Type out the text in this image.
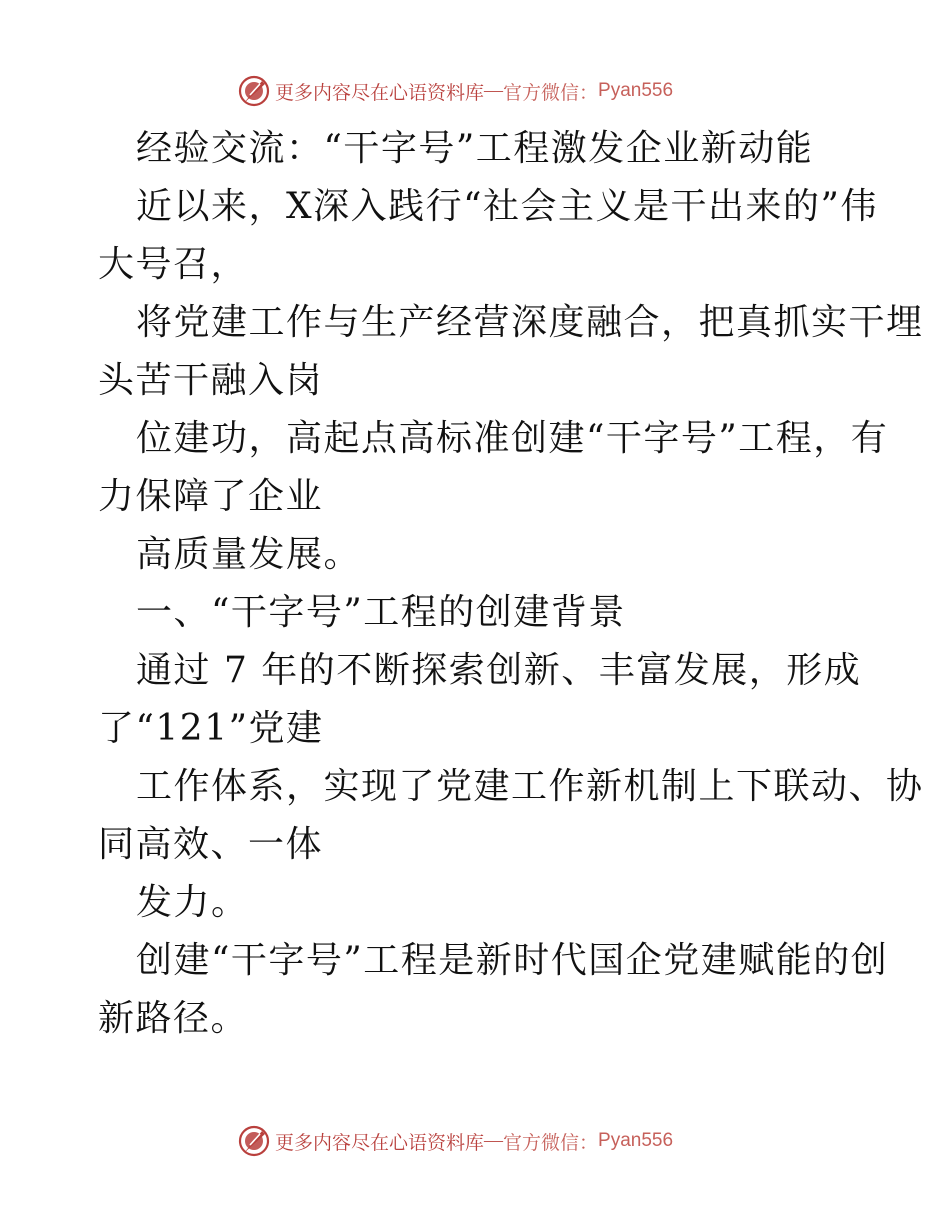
更多内容尽在心语资料库 — 官方微信： Pyan556
经验交流：“干字号”工程激发企业新动能
近以来，X深入践行“社会主义是干出来的”伟
大号召，
将党建工作与生产经营深度融合，把真抓实干埋
头苦干融入岗
位建功，高起点高标准创建“干字号”工程，有
力保障了企业
高质量发展。
一、“干字号”工程的创建背景
通过 7 年的不断探索创新、丰富发展，形成
了“121”党建
工作体系，实现了党建工作新机制上下联动、协
同高效、一体
发力。
创建“干字号”工程是新时代国企党建赋能的创
新路径。
更多内容尽在心语资料库 — 官方微信： Pyan556
